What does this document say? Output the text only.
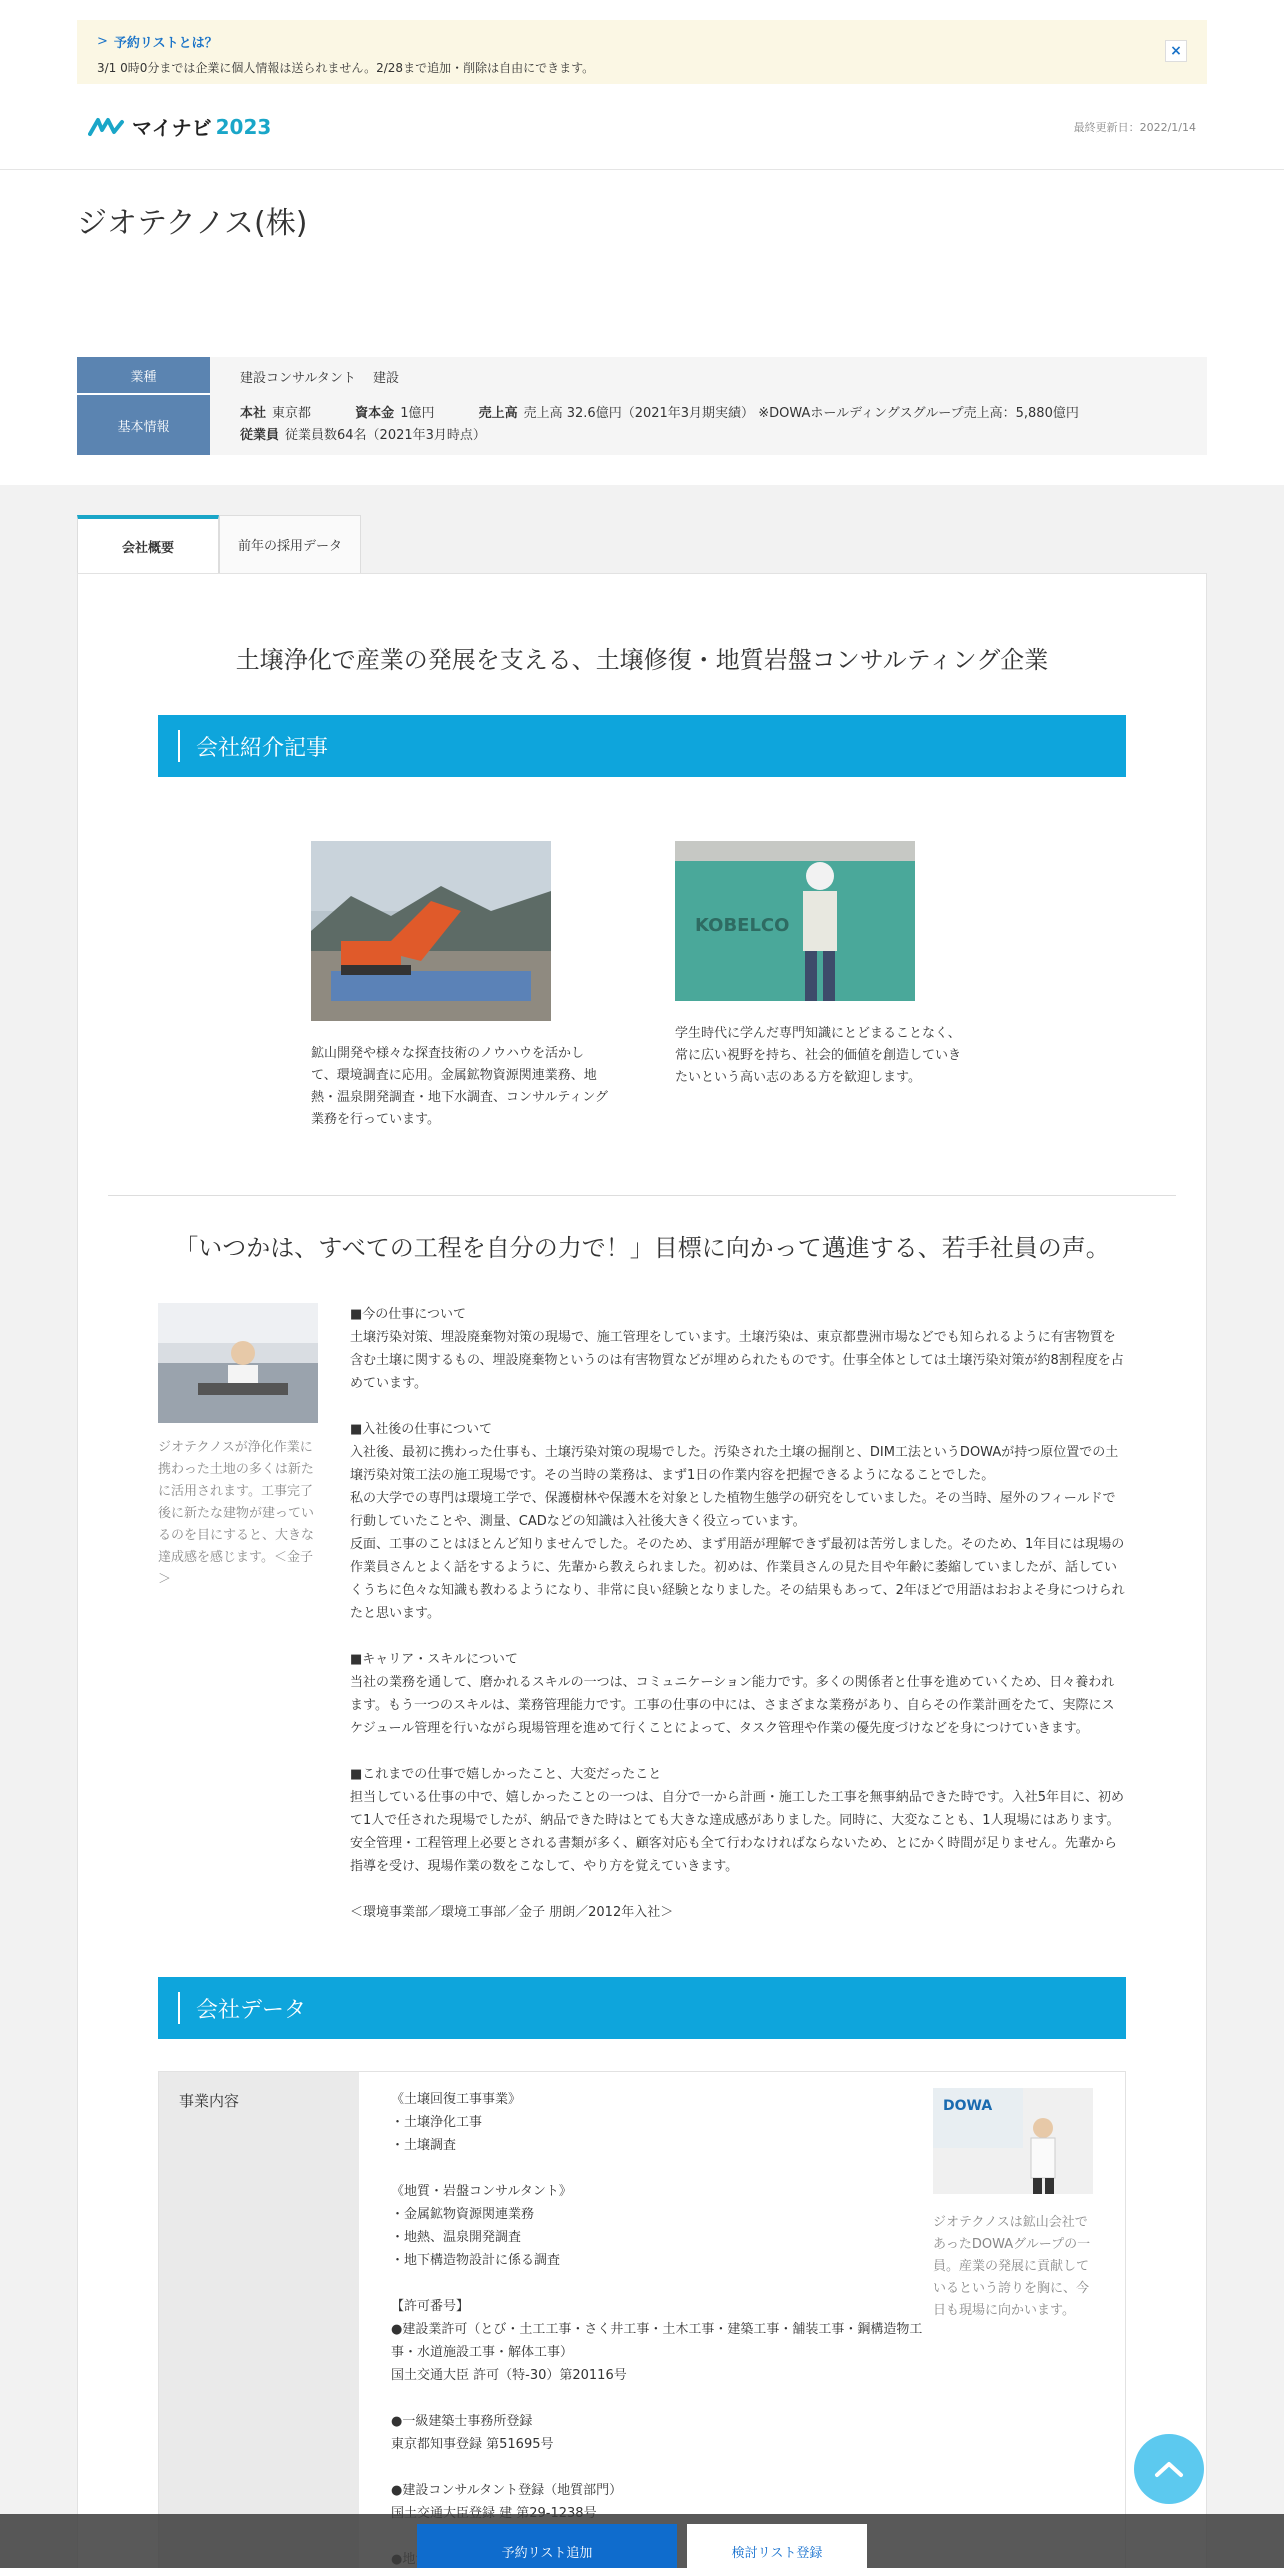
> 予約リストとは？
3/1 0時0分までは企業に個人情報は送られません。2/28まで追加・削除は自由にできます。
×
マイナビ 2023	最終更新日：2022/1/14
ジオテクノス(株)
業種	建設コンサルタント　 建設
基本情報
本社 東京都	資本金 1億円	売上高 売上高 32.6億円（2021年3月期実績） ※DOWAホールディングスグループ売上高：5,880億円
従業員 従業員数64名（2021年3月時点）
会社概要	前年の採用データ
土壌浄化で産業の発展を支える、土壌修復・地質岩盤コンサルティング企業
会社紹介記事
鉱山開発や様々な探査技術のノウハウを活かして、環境調査に応用。金属鉱物資源関連業務、地熱・温泉開発調査・地下水調査、コンサルティング業務を行っています。
KOBELCO
学生時代に学んだ専門知識にとどまることなく、常に広い視野を持ち、社会的価値を創造していきたいという高い志のある方を歓迎します。
「いつかは、すべての工程を自分の力で！」目標に向かって邁進する、若手社員の声。
ジオテクノスが浄化作業に携わった土地の多くは新たに活用されます。工事完了後に新たな建物が建っているのを目にすると、大きな達成感を感じます。＜金子＞

■今の仕事について
土壌汚染対策、埋設廃棄物対策の現場で、施工管理をしています。土壌汚染は、東京都豊洲市場などでも知られるように有害物質を含む土壌に関するもの、埋設廃棄物というのは有害物質などが埋められたものです。仕事全体としては土壌汚染対策が約8割程度を占めています。

■入社後の仕事について
入社後、最初に携わった仕事も、土壌汚染対策の現場でした。汚染された土壌の掘削と、DIM工法というDOWAが持つ原位置での土壌汚染対策工法の施工現場です。その当時の業務は、まず1日の作業内容を把握できるようになることでした。
私の大学での専門は環境工学で、保護樹林や保護木を対象とした植物生態学の研究をしていました。その当時、屋外のフィールドで行動していたことや、測量、CADなどの知識は入社後大きく役立っています。
反面、工事のことはほとんど知りませんでした。そのため、まず用語が理解できず最初は苦労しました。そのため、1年目には現場の作業員さんとよく話をするように、先輩から教えられました。初めは、作業員さんの見た目や年齢に萎縮していましたが、話していくうちに色々な知識も教わるようになり、非常に良い経験となりました。その結果もあって、2年ほどで用語はおおよそ身につけられたと思います。

■キャリア・スキルについて
当社の業務を通して、磨かれるスキルの一つは、コミュニケーション能力です。多くの関係者と仕事を進めていくため、日々養われます。もう一つのスキルは、業務管理能力です。工事の仕事の中には、さまざまな業務があり、自らその作業計画をたて、実際にスケジュール管理を行いながら現場管理を進めて行くことによって、タスク管理や作業の優先度づけなどを身につけていきます。

■これまでの仕事で嬉しかったこと、大変だったこと
担当している仕事の中で、嬉しかったことの一つは、自分で一から計画・施工した工事を無事納品できた時です。入社5年目に、初めて1人で任された現場でしたが、納品できた時はとても大きな達成感がありました。同時に、大変なことも、1人現場にはあります。安全管理・工程管理上必要とされる書類が多く、顧客対応も全て行わなければならないため、とにかく時間が足りません。先輩から指導を受け、現場作業の数をこなして、やり方を覚えていきます。

＜環境事業部／環境工事部／金子 朋朗／2012年入社＞

会社データ
事業内容	《土壌回復工事事業》
・土壌浄化工事
・土壌調査

《地質・岩盤コンサルタント》
・金属鉱物資源関連業務
・地熱、温泉開発調査
・地下構造物設計に係る調査

【許可番号】
●建設業許可（とび・土工工事・さく井工事・土木工事・建築工事・舗装工事・鋼構造物工事・水道施設工事・解体工事）
国土交通大臣 許可（特-30）第20116号

●一級建築士事務所登録
東京都知事登録 第51695号

●建設コンサルタント登録（地質部門）

DOWA
ジオテクノスは鉱山会社であったDOWAグループの一員。産業の発展に貢献しているという誇りを胸に、今日も現場に向かいます。
予約リスト追加	検討リスト登録
